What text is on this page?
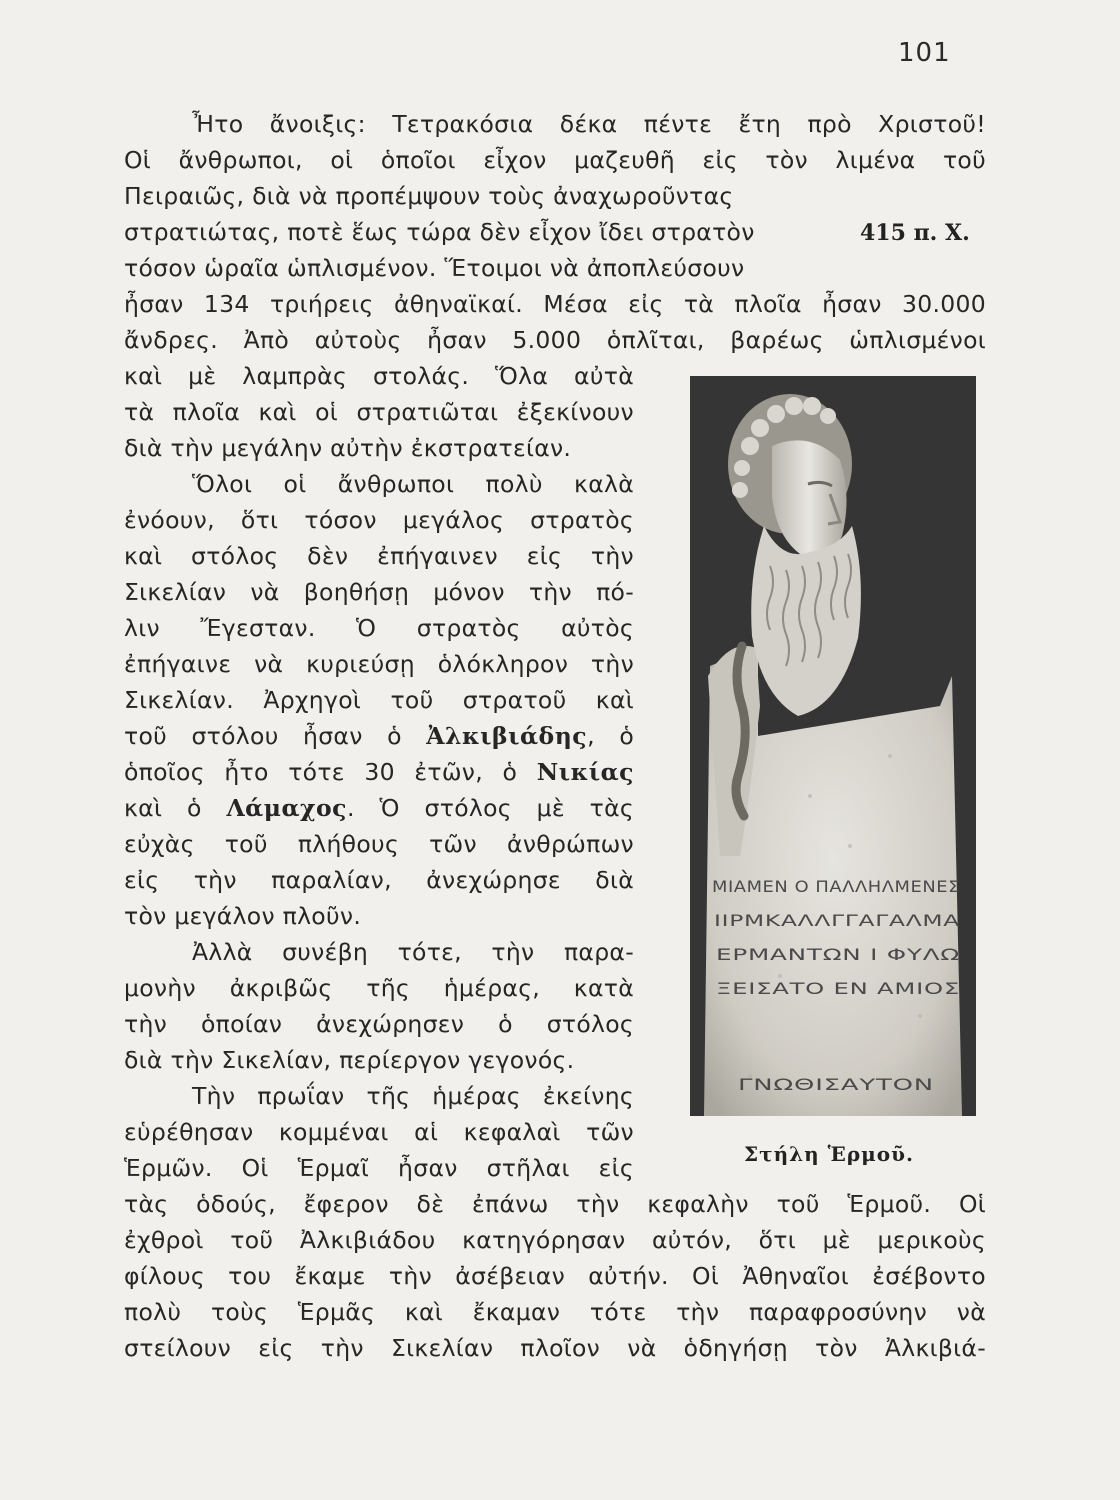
101
Ἦτο ἄνοιξις: Τετρακόσια δέκα πέντε ἔτη πρὸ Χριστοῦ!
Οἱ ἄνθρωποι, οἱ ὁποῖοι εἶχον μαζευθῆ εἰς τὸν λιμένα τοῦ
Πειραιῶς, διὰ νὰ προπέμψουν τοὺς ἀναχωροῦντας
στρατιώτας, ποτὲ ἕως τώρα δὲν εἶχον ἴδει στρατὸν	415 π. Χ.
τόσον ὡραῖα ὡπλισμένον. Ἕτοιμοι νὰ ἀποπλεύσουν
ἦσαν 134 τριήρεις ἀθηναϊκαί. Μέσα εἰς τὰ πλοῖα ἦσαν 30.000
ἄνδρες. Ἀπὸ αὐτοὺς ἦσαν 5.000 ὁπλῖται, βαρέως ὡπλισμένοι
καὶ μὲ λαμπρὰς στολάς. Ὅλα αὐτὰ
τὰ πλοῖα καὶ οἱ στρατιῶται ἐξεκίνουν
διὰ τὴν μεγάλην αὐτὴν ἐκστρατείαν.
Ὅλοι οἱ ἄνθρωποι πολὺ καλὰ
ἐνόουν, ὅτι τόσον μεγάλος στρατὸς
καὶ στόλος δὲν ἐπήγαινεν εἰς τὴν
Σικελίαν νὰ βοηθήσῃ μόνον τὴν πό-
λιν Ἔγεσταν. Ὁ στρατὸς αὐτὸς
ἐπήγαινε νὰ κυριεύσῃ ὁλόκληρον τὴν
Σικελίαν. Ἀρχηγοὶ τοῦ στρατοῦ καὶ
τοῦ στόλου ἦσαν ὁ Ἀλκιβιάδης, ὁ
ὁποῖος ἦτο τότε 30 ἐτῶν, ὁ Νικίας
καὶ ὁ Λάμαχος. Ὁ στόλος μὲ τὰς
εὐχὰς τοῦ πλήθους τῶν ἀνθρώπων
εἰς τὴν παραλίαν, ἀνεχώρησε διὰ
τὸν μεγάλον πλοῦν.
Ἀλλὰ συνέβη τότε, τὴν παρα-
μονὴν ἀκριβῶς τῆς ἡμέρας, κατὰ
τὴν ὁποίαν ἀνεχώρησεν ὁ στόλος
διὰ τὴν Σικελίαν, περίεργον γεγονός.
Τὴν πρωΐαν τῆς ἡμέρας ἐκείνης
εὑρέθησαν κομμέναι αἱ κεφαλαὶ τῶν
Ἑρμῶν. Οἱ Ἑρμαῖ ἦσαν στῆλαι εἰς
τὰς ὁδούς, ἔφερον δὲ ἐπάνω τὴν κεφαλὴν τοῦ Ἑρμοῦ. Οἱ
ἐχθροὶ τοῦ Ἀλκιβιάδου κατηγόρησαν αὐτόν, ὅτι μὲ μερικοὺς
φίλους του ἔκαμε τὴν ἀσέβειαν αὐτήν. Οἱ Ἀθηναῖοι ἐσέβοντο
πολὺ τοὺς Ἑρμᾶς καὶ ἔκαμαν τότε τὴν παραφροσύνην νὰ
στείλουν εἰς τὴν Σικελίαν πλοῖον νὰ ὁδηγήσῃ τὸν Ἀλκιβιά-
ΜΙΑΜΕΝ Ο ΠΑΛΛΗΛΜΕΝΕΣ
ΙΙΡΜΚΑΛΛΓΓΑΓΑΛΜΑ
ΕΡΜΑΝΤΩΝ Ι ΦΥΛΩ
ΞΕΙΣΑΤΟ ΕΝ ΑΜΙΟΣ
ΓΝΩΘΙΣΑΥΤΟΝ
Στήλη Ἑρμοῦ.
